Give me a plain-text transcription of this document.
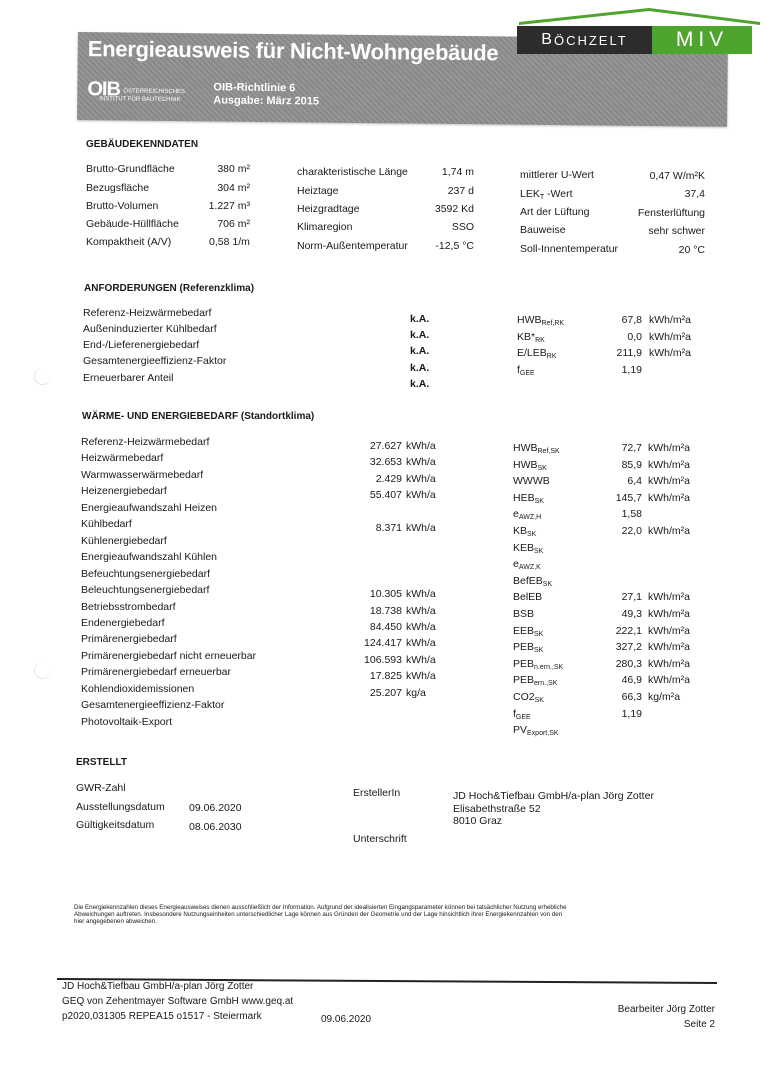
Energieausweis für Nicht-Wohngebäude
OIB ÖSTERREICHISCHES
INSTITUT FÜR BAUTECHNIK
OIB-Richtlinie 6
Ausgabe: März 2015
B ÖCHZELT	MIV
GEBÄUDEKENNDATEN
Brutto-Grundfläche	380 m²
Bezugsfläche	304 m²
Brutto-Volumen	1.227 m³
Gebäude-Hüllfläche	706 m²
Kompaktheit (A/V)	0,58 1/m
charakteristische Länge	1,74 m
Heiztage	237 d
Heizgradtage	3592 Kd
Klimaregion	SSO
Norm-Außentemperatur	-12,5 °C
mittlerer U-Wert	0,47 W/m²K
$LEK_T$ -Wert	37,4
Art der Lüftung	Fensterlüftung
Bauweise	sehr schwer
Soll-Innentemperatur	20 °C
ANFORDERUNGEN (Referenzklima)
Referenz-Heizwärmebedarf	k.A.
Außeninduzierter Kühlbedarf	k.A.
End-/Lieferenergiebedarf	k.A.
Gesamtenergieeffizienz-Faktor
k.A.
Erneuerbarer Anteil	k.A.
$HWB_{Ref,RK}$	67,8 kWh/m²a
$KB*_{RK}$	0,0 kWh/m²a
$E/LEB_{RK}$	211,9 kWh/m²a
$f_{GEE}$	1,19
WÄRME- UND ENERGIEBEDARF (Standortklima)
Referenz-Heizwärmebedarf	27.627 kWh/a
Heizwärmebedarf	32.653 kWh/a
Warmwasserwärmebedarf	2.429 kWh/a
Heizenergiebedarf	55.407 kWh/a
Energieaufwandszahl Heizen
Kühlbedarf	8.371 kWh/a
Kühlenergiebedarf
Energieaufwandszahl Kühlen
Befeuchtungsenergiebedarf
Beleuchtungsenergiebedarf	10.305 kWh/a
Betriebsstrombedarf	18.738 kWh/a
Endenergiebedarf	84.450 kWh/a
Primärenergiebedarf	124.417 kWh/a
Primärenergiebedarf nicht erneuerbar	106.593 kWh/a
Primärenergiebedarf erneuerbar	17.825 kWh/a
Kohlendioxidemissionen	25.207 kg/a
Gesamtenergieeffizienz-Faktor
Photovoltaik-Export
$HWB_{Ref,SK}$	72,7 kWh/m²a
$HWB_{SK}$	85,9 kWh/m²a
WWWB	6,4 kWh/m²a
$HEB_{SK}$	145,7 kWh/m²a
$e_{AWZ,H}$	1,58
$KB_{SK}$	22,0 kWh/m²a
$KEB_{SK}$
$e_{AWZ,K}$
BefEB$_{SK}$
BelEB	27,1 kWh/m²a
BSB	49,3 kWh/m²a
$EEB_{SK}$	222,1 kWh/m²a
$PEB_{SK}$	327,2 kWh/m²a
$PEB_{n.ern.,SK}$	280,3 kWh/m²a
$PEB_{ern.,SK}$	46,9 kWh/m²a
$CO2_{SK}$	66,3 kg/m²a
$f_{GEE}$	1,19
$PV_{Export,SK}$
ERSTELLT
GWR-Zahl
Ausstellungsdatum 09.06.2020
Gültigkeitsdatum	08.06.2030
ErstellerIn	JD Hoch&Tiefbau GmbH/a-plan Jörg Zotter
Elisabethstraße 52
8010 Graz
Unterschrift
Die Energiekennzahlen dieses Energieausweises dienen ausschließlich der Information. Aufgrund der idealisierten Eingangsparameter können bei tatsächlicher Nutzung erhebliche
Abweichungen auftreten. Insbesondere Nutzungseinheiten unterschiedlicher Lage können aus Gründen der Geometrie und der Lage hinsichtlich ihrer Energiekennzahlen von den
hier angegebenen abweichen.
JD Hoch&Tiefbau GmbH/a-plan Jörg Zotter
GEQ von Zehentmayer Software GmbH www.geq.at
p2020,031305 REPEA15 o1517 - Steiermark	09.06.2020
Bearbeiter Jörg Zotter
Seite 2
